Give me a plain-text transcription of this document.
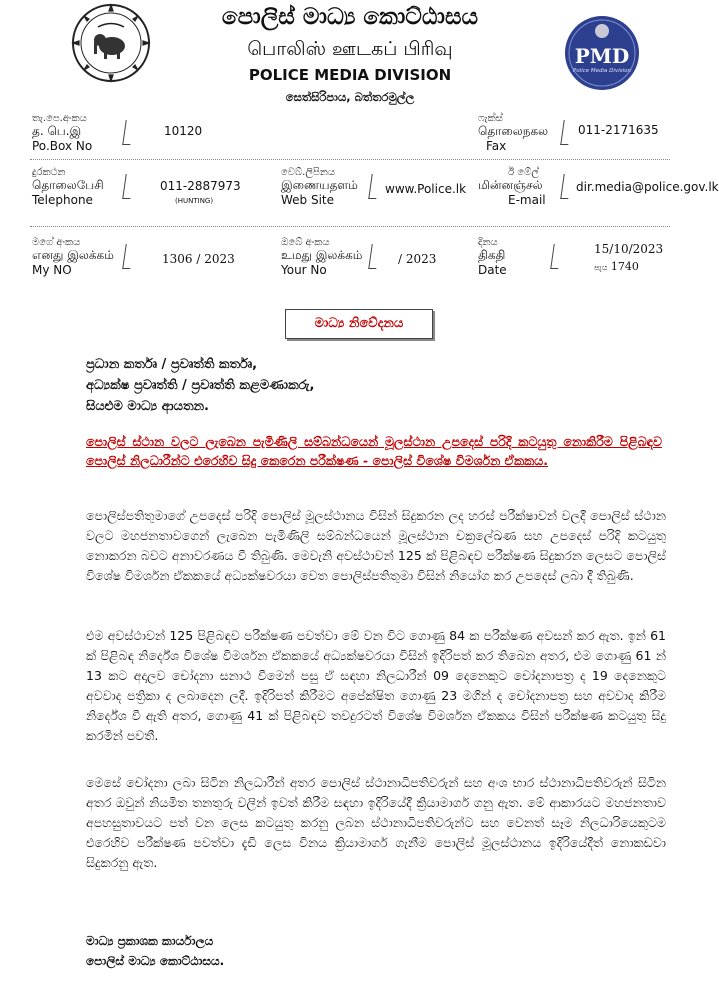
පොලිස් මාධ්‍ය කොට්ඨාසය
பொலிஸ் ஊடகப் பிரிவு
POLICE MEDIA DIVISION
සෙත්සිරිපාය, බත්තරමුල්ල
PMD
Police Media Division
තැ.පෙ.අංකය
த. பெ.இ
Po.Box No
10120
ෆැක්ස්
தொலைநகல
Fax
011-2171635
දුරකථන
தொலைபேசி
Telephone
011-2887973
(HUNTING)
වෙබ්.ලිපිනය
இணையதளம்
Web Site
www.Police.lk
ඊ මේල්
மின்னஞ்சல்
E-mail
dir.media@police.gov.lk
මගේ අංකය
எனது இலக்கம்
My NO
1306 / 2023
ඔබේ අංකය
உமது இலக்கம்
Your No
/ 2023
දිනය
திகதி
Date
15/10/2023
පැය 1740
මාධ්‍ය නිවේදනය
ප්‍රධාන කර්තෘ / ප්‍රවෘත්ති කර්තෘ,
අධ්‍යක්ෂ ප්‍රවෘත්ති / ප්‍රවෘත්ති කළමණාකරු,
සියළුම මාධ්‍ය ආයතන.
පොලිස් ස්ථාන වලට ලැබෙන පැමිණිලි සම්බන්ධයෙන් මූලස්ථාන උපදෙස් පරිදි කටයුතු නොකිරීම පිළිබඳව පොලිස් නිලධාරීන්ට එරෙහිව සිදු කෙරෙන පරීක්ෂණ - පොලිස් විශේෂ විමර්ශන ඒකකය.
පොලිස්පතිතුමාගේ උපදෙස් පරිදි පොලිස් මූලස්ථානය විසින් සිදුකරන ලද හරස් පරීක්ෂාවන් වලදී පොලිස් ස්ථාන වලට මහජනතාවගෙන් ලැබෙන පැමිණිලි සම්බන්ධයෙන් මූලස්ථාන චක්‍රලේඛණ සහ උපදෙස් පරිදි කටයුතු නොකරන බවට අනාවරණය වී තිබුණි. මෙවැනි අවස්ථාවන් 125 ක් පිළිබඳව පරීක්ෂණ සිදුකරන ලෙසට පොලිස් විශේෂ විමර්ශන ඒකකයේ අධ්‍යක්ෂවරයා වෙත පොලිස්පතිතුමා විසින් නියෝග කර උපදෙස් ලබා දී තිබුණි.
එම අවස්ථාවන් 125 පිළිබඳව පරීක්ෂණ පවත්වා මේ වන විට ගොණු 84 ක පරීක්ෂණ අවසන් කර ඇත. ඉන් 61 ක් පිළිබඳ නිර්දේශ විශේෂ විමර්ශන ඒකකයේ අධ්‍යක්ෂවරයා විසින් ඉදිරිපත් කර තිබෙන අතර, එම ගොණු 61 න් 13 කට අදාලව චෝදනා සනාථ වීමෙන් පසු ඒ සඳහා නිලධාරීන් 09 දෙනෙකුට චෝදනාපත්‍ර ද 19 දෙනෙකුට අවවාද පත්‍රිකා ද ලබාදෙන ලදී. ඉදිරිපත් කිරීමට අපේක්ෂිත ගොණු 23 මගින් ද චෝදනාපත්‍ර සහ අවවාද කිරීම නිර්දේශ වී ඇති අතර, ගොණු 41 ක් පිළිබඳව තවදුරටත් විශේෂ විමර්ශන ඒකකය විසින් පරීක්ෂණ කටයුතු සිදු කරමින් පවතී.
මෙසේ චෝදනා ලබා සිටින නිලධාරීන් අතර පොලිස් ස්ථානාධිපතිවරුන් සහ අංශ භාර ස්ථානාධිපතිවරුන් සිටින අතර ඔවුන් නියමිත තනතුරු වලින් ඉවත් කිරීම සඳහා ඉදිරියේදී ක්‍රියාමාර්ග ගනු ඇත. මේ ආකාරයට මහජනතාව අපහසුතාවයට පත් වන ලෙස කටයුතු කරනු ලබන ස්ථානාධිපතිවරුන්ට සහ වෙනත් සෑම නිලධාරියෙකුටම එරෙහිව පරීක්ෂණ පවත්වා දැඩි ලෙස විනය ක්‍රියාමාර්ග ගැනීම පොලිස් මූලස්ථානය ඉදිරියේදීත් නොකඩවා සිදුකරනු ඇත.
මාධ්‍ය ප්‍රකාශක කාර්යාලය
පොලිස් මාධ්‍ය කොට්ඨාසය.
